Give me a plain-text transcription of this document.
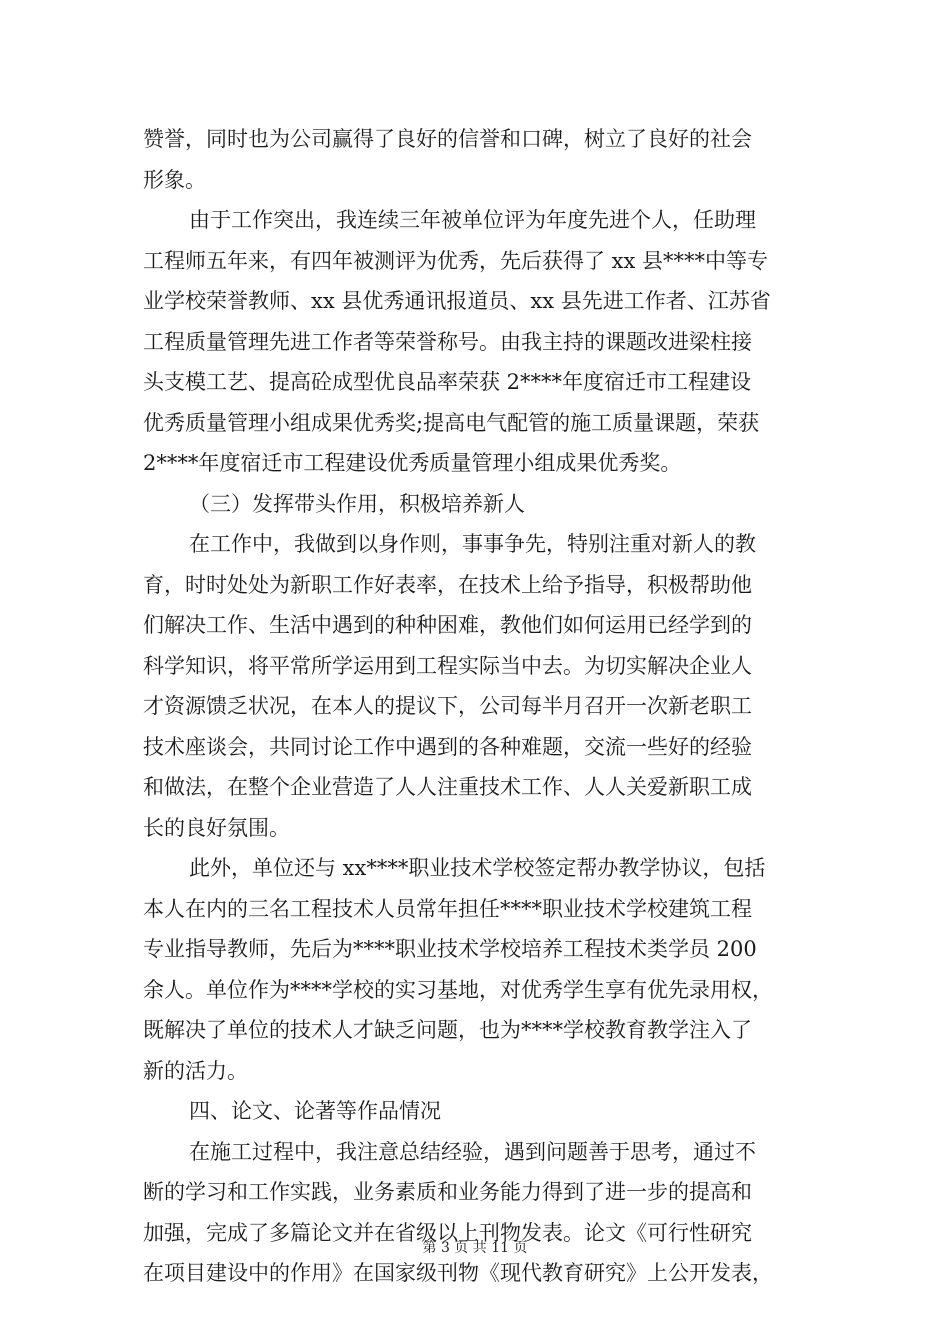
赞誉，同时也为公司赢得了良好的信誉和口碑，树立了良好的社会
形象。
由于工作突出，我连续三年被单位评为年度先进个人，任助理
工程师五年来，有四年被测评为优秀，先后获得了 xx 县****中等专
业学校荣誉教师、xx 县优秀通讯报道员、xx 县先进工作者、江苏省
工程质量管理先进工作者等荣誉称号。由我主持的课题改进梁柱接
头支模工艺、提高砼成型优良品率荣获 2****年度宿迁市工程建设
优秀质量管理小组成果优秀奖;提高电气配管的施工质量课题，荣获
2****年度宿迁市工程建设优秀质量管理小组成果优秀奖。
（三）发挥带头作用，积极培养新人
在工作中，我做到以身作则，事事争先，特别注重对新人的教
育，时时处处为新职工作好表率，在技术上给予指导，积极帮助他
们解决工作、生活中遇到的种种困难，教他们如何运用已经学到的
科学知识，将平常所学运用到工程实际当中去。为切实解决企业人
才资源馈乏状况，在本人的提议下，公司每半月召开一次新老职工
技术座谈会，共同讨论工作中遇到的各种难题，交流一些好的经验
和做法，在整个企业营造了人人注重技术工作、人人关爱新职工成
长的良好氛围。
此外，单位还与 xx****职业技术学校签定帮办教学协议，包括
本人在内的三名工程技术人员常年担任****职业技术学校建筑工程
专业指导教师，先后为****职业技术学校培养工程技术类学员 200
余人。单位作为****学校的实习基地，对优秀学生享有优先录用权，
既解决了单位的技术人才缺乏问题，也为****学校教育教学注入了
新的活力。
四、论文、论著等作品情况
在施工过程中，我注意总结经验，遇到问题善于思考，通过不
断的学习和工作实践，业务素质和业务能力得到了进一步的提高和
加强，完成了多篇论文并在省级以上刊物发表。论文《可行性研究
在项目建设中的作用》在国家级刊物《现代教育研究》上公开发表，
第 3 页 共 11 页
